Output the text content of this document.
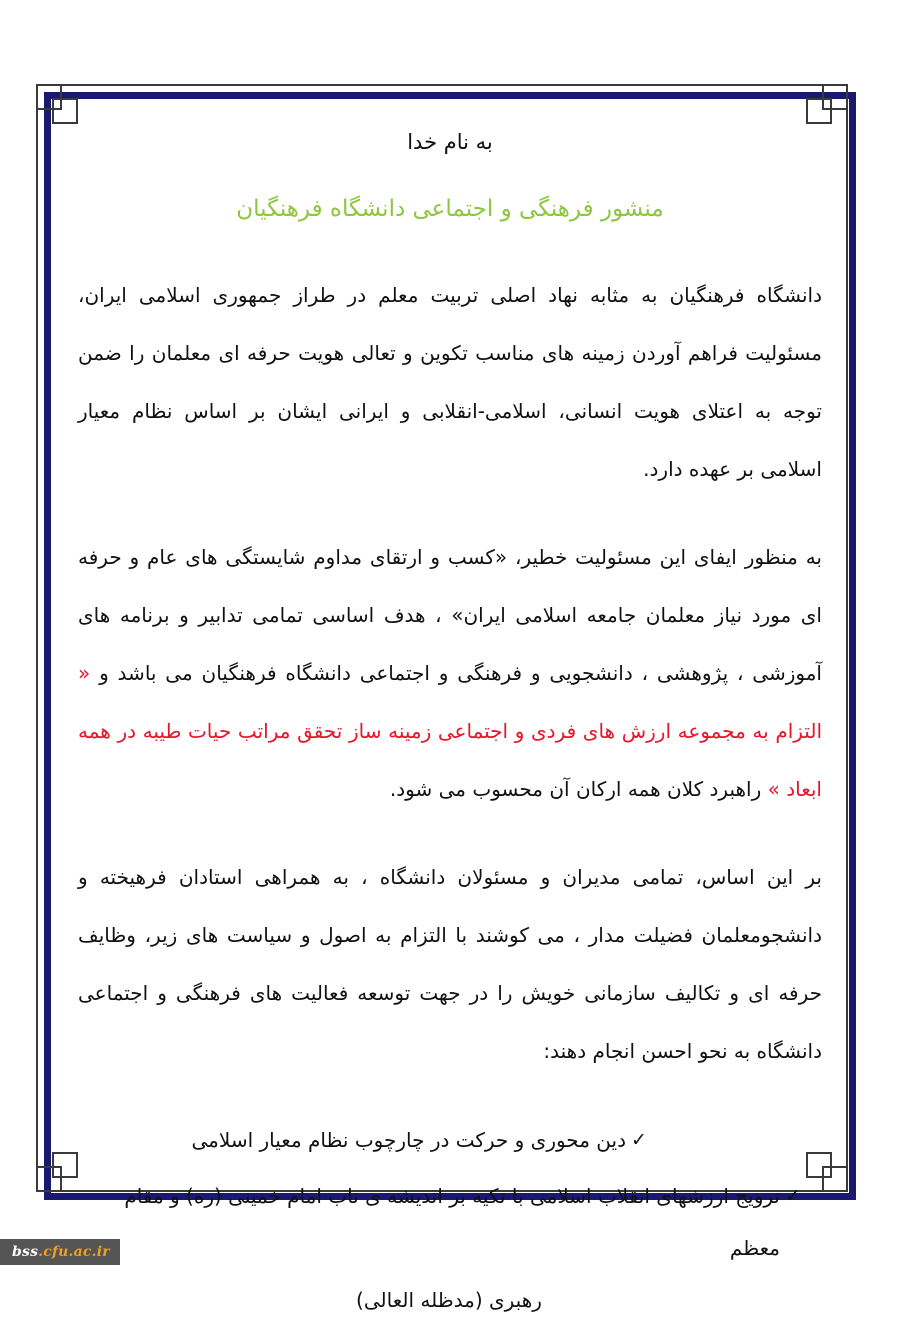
به نام خدا
منشور فرهنگی و اجتماعی دانشگاه فرهنگیان

دانشگاه فرهنگیان به مثابه نهاد اصلی تربیت معلم در طراز جمهوری اسلامی ایران، مسئولیت فراهم آوردن زمینه های مناسب تکوین و تعالی هویت حرفه ای معلمان را ضمن توجه به اعتلای هویت انسانی، اسلامی-انقلابی و ایرانی ایشان بر اساس نظام معیار اسلامی بر عهده دارد.

به منظور ایفای این مسئولیت خطیر، «کسب و ارتقای مداوم شایستگی های عام و حرفه ای مورد نیاز معلمان جامعه اسلامی ایران» ، هدف اساسی تمامی تدابیر و برنامه های آموزشی ، پژوهشی ، دانشجویی و فرهنگی و اجتماعی دانشگاه فرهنگیان می باشد و « التزام به مجموعه ارزش های فردی و اجتماعی زمینه ساز تحقق مراتب حیات طیبه در همه ابعاد » راهبرد کلان همه ارکان آن محسوب می شود.

بر این اساس، تمامی مدیران و مسئولان دانشگاه ، به همراهی استادان فرهیخته و دانشجومعلمان فضیلت مدار ، می کوشند با التزام به اصول و سیاست های زیر، وظایف حرفه ای و تکالیف سازمانی خویش را در جهت توسعه فعالیت های فرهنگی و اجتماعی دانشگاه به نحو احسن انجام دهند:

✓
دین محوری و حرکت در چارچوب نظام معیار اسلامی
✓
ترویج ارزشهای انقلاب اسلامی با تکیه بر اندیشه ی ناب امام خمینی (ره) و مقام معظم
رهبری (مدظله العالی)
bss.cfu.ac.ir
